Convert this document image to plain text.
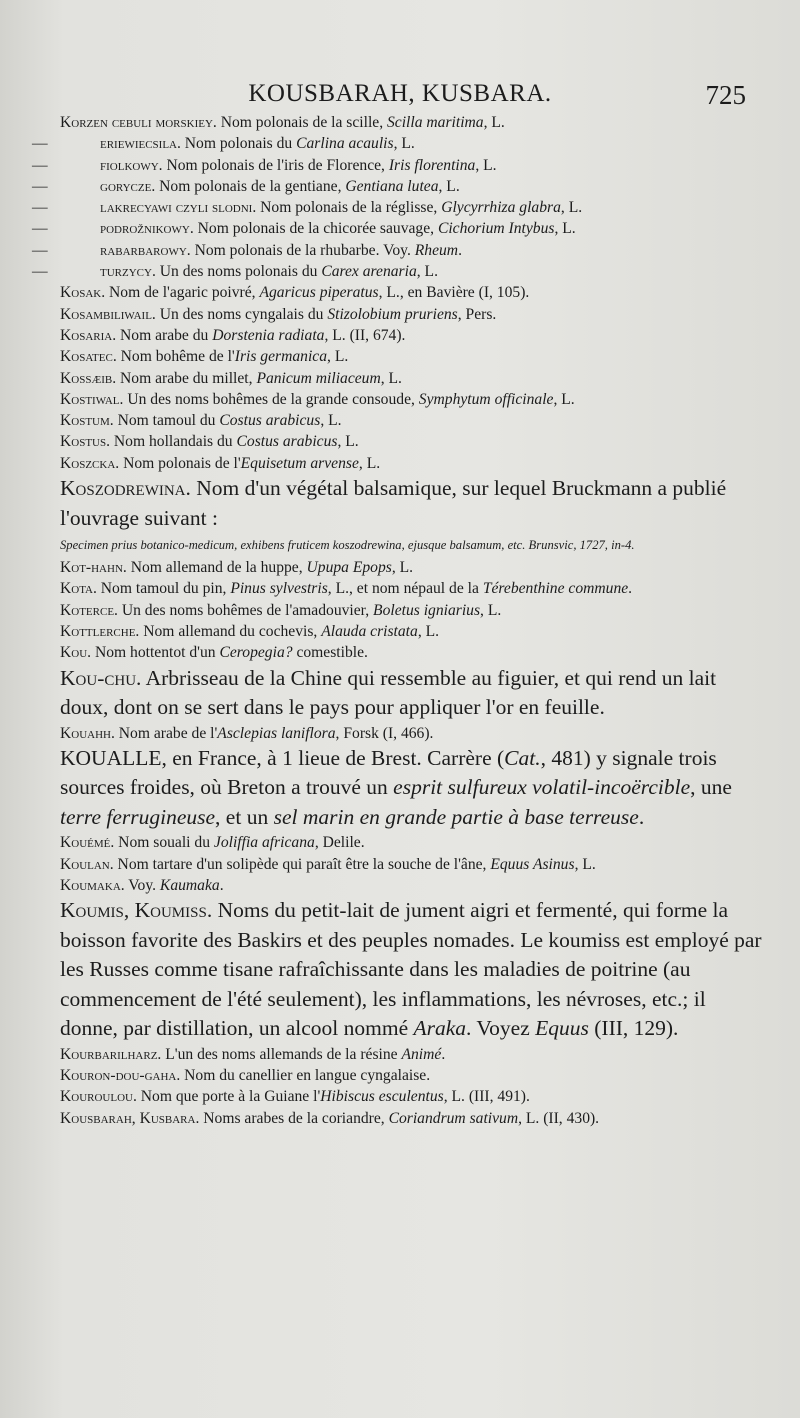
KOUSBARAH, KUSBARA.	725

Korzen cebuli morskiey. Nom polonais de la scille, Scilla maritima, L.

—	eriewiecsila. Nom polonais du Carlina acaulis, L.

—	fiolkowy. Nom polonais de l'iris de Florence, Iris florentina, L.

—	gorycze. Nom polonais de la gentiane, Gentiana lutea, L.

—	lakrecyawi czyli slodni. Nom polonais de la réglisse, Glycyrrhiza glabra, L.

—	podrožnikowy. Nom polonais de la chicorée sauvage, Cichorium Intybus, L.

—	rabarbarowy. Nom polonais de la rhubarbe. Voy. Rheum.

—	turzycy. Un des noms polonais du Carex arenaria, L.

Kosak. Nom de l'agaric poivré, Agaricus piperatus, L., en Bavière (I, 105).

Kosambiliwail. Un des noms cyngalais du Stizolobium pruriens, Pers.

Kosaria. Nom arabe du Dorstenia radiata, L. (II, 674).

Kosatec. Nom bohême de l'Iris germanica, L.

Kossæib. Nom arabe du millet, Panicum miliaceum, L.

Kostiwal. Un des noms bohêmes de la grande consoude, Symphytum officinale, L.

Kostum. Nom tamoul du Costus arabicus, L.

Kostus. Nom hollandais du Costus arabicus, L.

Koszcka. Nom polonais de l'Equisetum arvense, L.

Koszodrewina. Nom d'un végétal balsamique, sur lequel Bruckmann a publié l'ouvrage suivant :

Specimen prius botanico-medicum, exhibens fruticem koszodrewina, ejusque balsamum, etc. Brunsvic, 1727, in-4.

Kot-hahn. Nom allemand de la huppe, Upupa Epops, L.

Kota. Nom tamoul du pin, Pinus sylvestris, L., et nom népaul de la Térebenthine commune.

Koterce. Un des noms bohêmes de l'amadouvier, Boletus igniarius, L.

Kottlerche. Nom allemand du cochevis, Alauda cristata, L.

Kou. Nom hottentot d'un Ceropegia? comestible.

Kou-chu. Arbrisseau de la Chine qui ressemble au figuier, et qui rend un lait doux, dont on se sert dans le pays pour appliquer l'or en feuille.

Kouahh. Nom arabe de l'Asclepias laniflora, Forsk (I, 466).

KOUALLE, en France, à 1 lieue de Brest. Carrère (Cat., 481) y signale trois sources froides, où Breton a trouvé un esprit sulfureux volatil-incoërcible, une terre ferrugineuse, et un sel marin en grande partie à base terreuse.

Kouémé. Nom souali du Joliffia africana, Delile.

Koulan. Nom tartare d'un solipède qui paraît être la souche de l'âne, Equus Asinus, L.

Koumaka. Voy. Kaumaka.

Koumis, Koumiss. Noms du petit-lait de jument aigri et fermenté, qui forme la boisson favorite des Baskirs et des peuples nomades. Le koumiss est employé par les Russes comme tisane rafraîchissante dans les maladies de poitrine (au commencement de l'été seulement), les inflammations, les névroses, etc.; il donne, par distillation, un alcool nommé Araka. Voyez Equus (III, 129).

Kourbarilharz. L'un des noms allemands de la résine Animé.

Kouron-dou-gaha. Nom du canellier en langue cyngalaise.

Kouroulou. Nom que porte à la Guiane l'Hibiscus esculentus, L. (III, 491).

Kousbarah, Kusbara. Noms arabes de la coriandre, Coriandrum sativum, L. (II, 430).
